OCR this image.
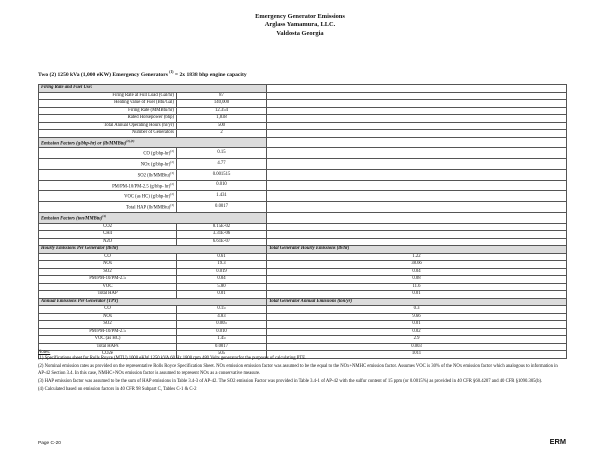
Emergency Generator Emissions
Arglass Yamamura, LLC.
Valdosta Georgia
Two (2) 1250 kVa (1,000 eKW) Emergency Generators $^{(1)}$ = 2x 1838 bhp engine capacity
Firing Rate and Fuel Use:		
Firing Rate at Full Load (Gal/hr)	87	
Heating value of Fuel (Btu/Gal)	140,000	
Firing Rate (MMBtu/hr)	12.354	
Rated Horsepower (bhp)	1,838	
Total Annual Operating Hours (hr/yr)	500	
Number of Generators	2	
Emission Factors (g/bhp-hr) or (lb/MMBtu)$^{(2),(3)}$	
CO $(g/bhp-hr)^{(2)}$	0.15	
NOx $(g/bhp-hr)^{(2)}$	4.77	
SO2 (lb/MMBtu)$^{(3)}$	0.001515	
PM/PM-10/PM-2.5 (g/bhp- hr)$^{(2)}$	0.010	
VOC (as HC) $(g/bhp-hr)^{(2)}$	1.431	
Total HAP (lb/MMBtu)$^{(3)}$	0.0017	
Emission Factors (ton/MMBtu)$^{(4)}$	
CO2	8.15E-02	
CH4	3.31E-06	
N2O	6.61E-07	
Hourly Emissions Per Generator (lb/hr)		Total Generator Hourly Emissions (lb/hr)
CO	0.61	1.22
NOx	19.3	38.66
SO2	0.019	0.04
PM/PM-10/PM-2.5	0.04	0.08
VOC	5.80	11.6
Total HAP	0.01	0.01
Annual Emissions Per Generator (TPY)		Total Generator Annual Emissions (ton/yr)
CO	0.15	0.3
NOx	4.83	9.66
SO2	0.005	0.01
PM/PM-10/PM-2.5	0.010	0.02
VOC (as HC)	1.45	2.9
Total HAPs	0.0017	0.003
CO2e	505	1011
Notes:

(1) Specifications sheet for Rolls Royce (MTU) 1000 eKW 1250 kVA 60 Hz 1800 rpm 480 Volts generatorfor the purposes of calculating PTE.

(2) Nominal emission rates as provided on the representative Rolls Royce Specification Sheet. NOx emission emission factor was assumed to be the equal to the NOx+NMHC emission factor. Assumes VOC is 30% of the NOx emission factor which analogous to information in AP-42 Section 3.4. In this case, NMHC+NOx emission factor is assumed to represent NOx as a conservative measure.

(3) HAP emission factor was assumed to be the sum of HAP emissions in Table 3.4-3 of AP-42. The SO2 emission Factor was provided in Table 3.4-1 of AP-42 with the sulfur content of 15 ppm (or 0.0015%) as provided in 40 CFR §60.4207 and 40 CFR §1090.305(b).

(4) Calculated based on emission factors in 40 CFR 98 Subpart C, Tables C-1 & C-2

Page C-20	ERM
